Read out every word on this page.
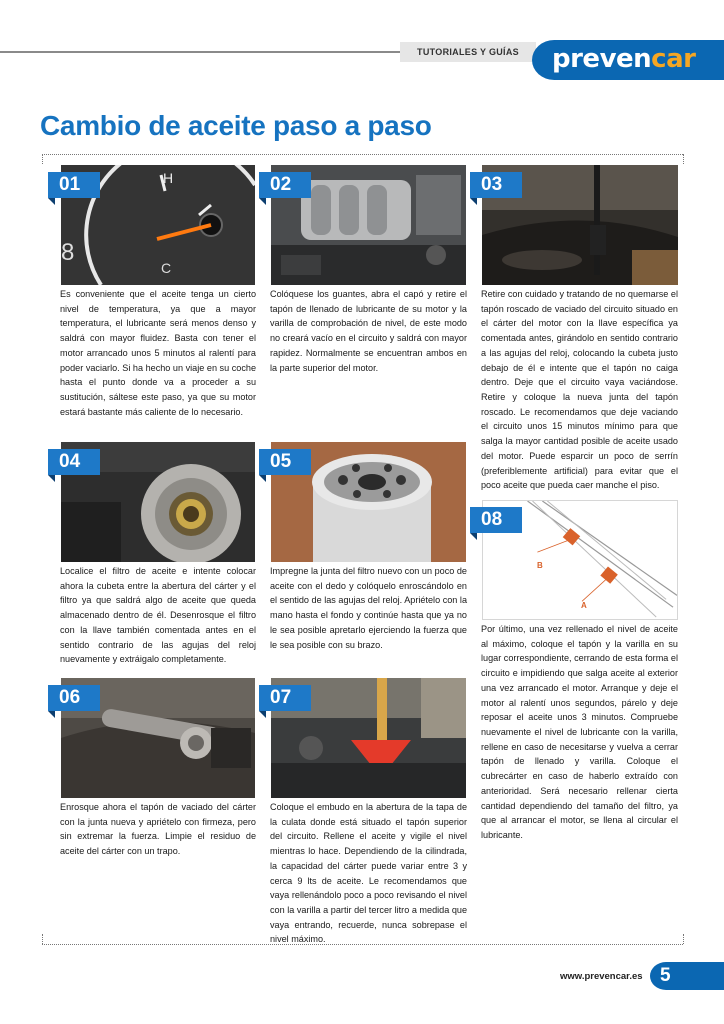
TUTORIALES Y GUÍAS	prevencar
Cambio de aceite paso a paso
H
8
C
01

Es conveniente que el aceite tenga un cierto nivel de temperatura, ya que a mayor temperatura, el lubricante será menos denso y saldrá con mayor fluidez. Basta con tener el motor arrancado unos 5 minutos al ralentí para poder vaciarlo. Si ha hecho un viaje en su coche hasta el punto donde va a proceder a su sustitución, sáltese este paso, ya que su motor estará bastante más caliente de lo necesario.

02

Colóquese los guantes, abra el capó y retire el tapón de llenado de lubricante de su motor y la varilla de comprobación de nivel, de este modo no creará vacío en el circuito y saldrá con mayor rapidez. Normalmente se encuentran ambos en la parte superior del motor.

03

Retire con cuidado y tratando de no quemarse el tapón roscado de vaciado del circuito situado en el cárter del motor con la llave específica ya comentada antes, girándolo en sentido contrario a las agujas del reloj, colocando la cubeta justo debajo de él e intente que el tapón no caiga dentro. Deje que el circuito vaya vaciándose. Retire y coloque la nueva junta del tapón roscado. Le recomendamos que deje vaciando el circuito unos 15 minutos mínimo para que salga la mayor cantidad posible de aceite usado del motor. Puede esparcir un poco de serrín (preferiblemente artificial) para evitar que el poco aceite que pueda caer manche el piso.

04

Localice el filtro de aceite e intente colocar ahora la cubeta entre la abertura del cárter y el filtro ya que saldrá algo de aceite que queda almacenado dentro de él. Desenrosque el filtro con la llave también comentada antes en el sentido contrario de las agujas del reloj nuevamente y extráigalo completamente.

05

Impregne la junta del filtro nuevo con un poco de aceite con el dedo y colóquelo enroscándolo en el sentido de las agujas del reloj. Apriételo con la mano hasta el fondo y continúe hasta que ya no le sea posible apretarlo ejerciendo la fuerza que le sea posible con su brazo.

B
A
08

Por último, una vez rellenado el nivel de aceite al máximo, coloque el tapón y la varilla en su lugar correspondiente, cerrando de esta forma el circuito e impidiendo que salga aceite al exterior una vez arrancado el motor. Arranque y deje el motor al ralentí unos segundos, párelo y deje reposar el aceite unos 3 minutos. Compruebe nuevamente el nivel de lubricante con la varilla, rellene en caso de necesitarse y vuelva a cerrar tapón de llenado y varilla. Coloque el cubrecárter en caso de haberlo extraído con anterioridad. Será necesario rellenar cierta cantidad dependiendo del tamaño del filtro, ya que al arrancar el motor, se llena al circular el lubricante.

06

Enrosque ahora el tapón de vaciado del cárter con la junta nueva y apriételo con firmeza, pero sin extremar la fuerza. Limpie el residuo de aceite del cárter con un trapo.

07

Coloque el embudo en la abertura de la tapa de la culata donde está situado el tapón superior del circuito. Rellene el aceite y vigile el nivel mientras lo hace. Dependiendo de la cilindrada, la capacidad del cárter puede variar entre 3 y cerca 9 lts de aceite. Le recomendamos que vaya rellenándolo poco a poco revisando el nivel con la varilla a partir del tercer litro a medida que vaya entrando, recuerde, nunca sobrepase el nivel máximo.

www.prevencar.es 5
